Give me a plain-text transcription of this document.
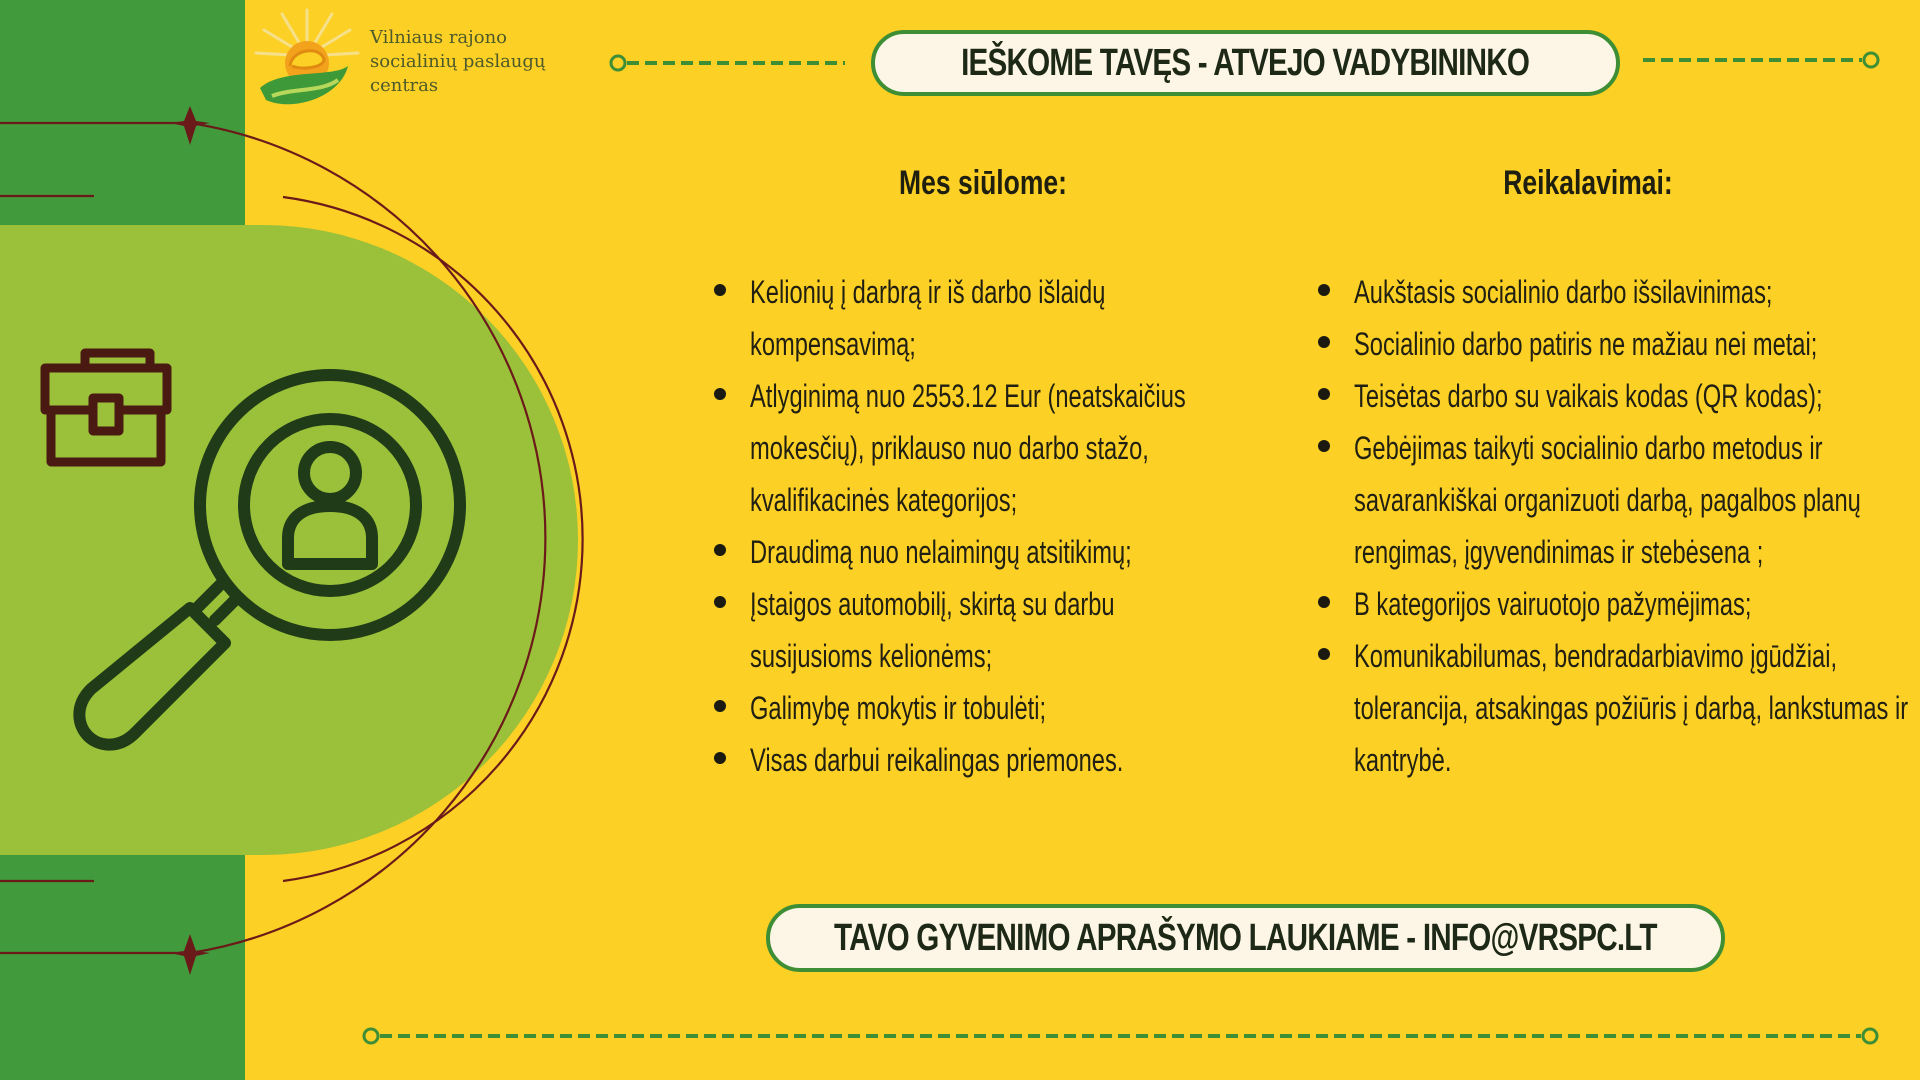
Vilniaus rajono
socialinių paslaugų
centras
IEŠKOME TAVĘS - ATVEJO VADYBININKO
Mes siūlome:	Reikalavimai:
Kelionių į darbrą ir iš darbo išlaidų kompensavimą;
Atlyginimą nuo 2553.12 Eur (neatskaičius mokesčių), priklauso nuo darbo stažo, kvalifikacinės kategorijos;
Draudimą nuo nelaimingų atsitikimų;
Įstaigos automobilį, skirtą su darbu susijusioms kelionėms;
Galimybę mokytis ir tobulėti;
Visas darbui reikalingas priemones.
Aukštasis socialinio darbo išsilavinimas;
Socialinio darbo patiris ne mažiau nei metai;
Teisėtas darbo su vaikais kodas (QR kodas);
Gebėjimas taikyti socialinio darbo metodus ir savarankiškai organizuoti darbą, pagalbos planų rengimas, įgyvendinimas ir stebėsena ;
B kategorijos vairuotojo pažymėjimas;
Komunikabilumas, bendradarbiavimo įgūdžiai, tolerancija, atsakingas požiūris į darbą, lankstumas ir kantrybė.
TAVO GYVENIMO APRAŠYMO LAUKIAME - INFO@VRSPC.LT
